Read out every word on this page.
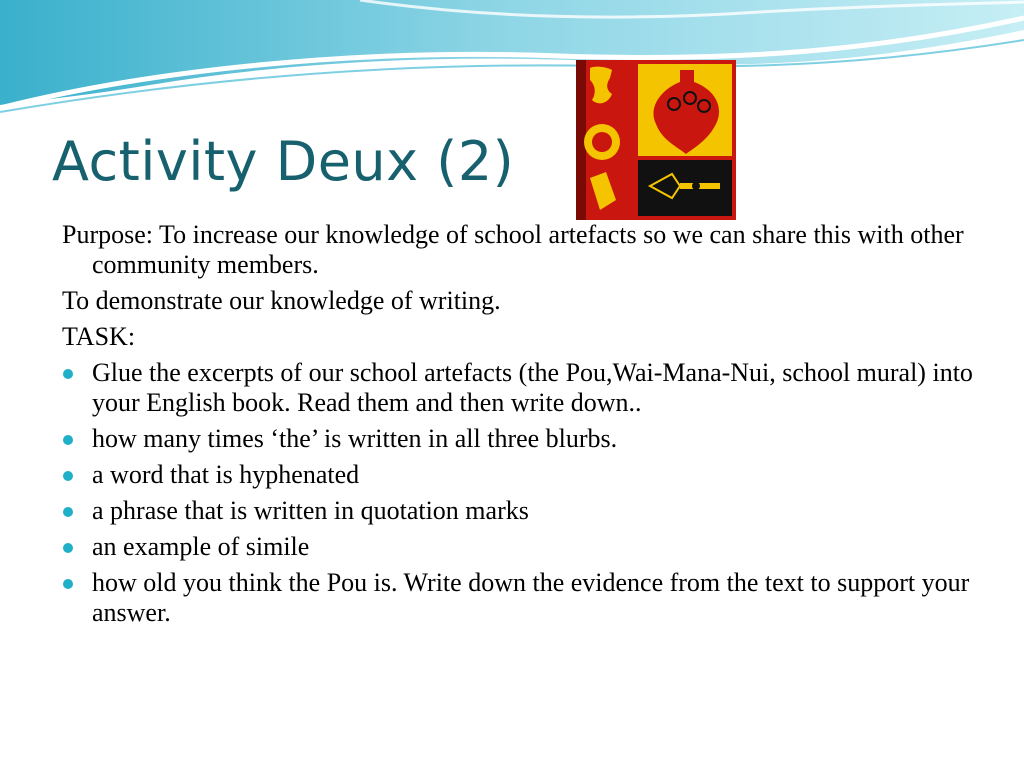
Activity Deux (2)

Purpose: To increase our knowledge of school artefacts so we can share this with other community members.

To demonstrate our knowledge of writing.

TASK:

Glue the excerpts of our school artefacts (the Pou,Wai-Mana-Nui, school mural) into your English book. Read them and then write down..
how many times ‘the’ is written in all three blurbs.
a word that is hyphenated
a phrase that is written in quotation marks
an example of simile
how old you think the Pou is. Write down the evidence from the text to support your answer.
